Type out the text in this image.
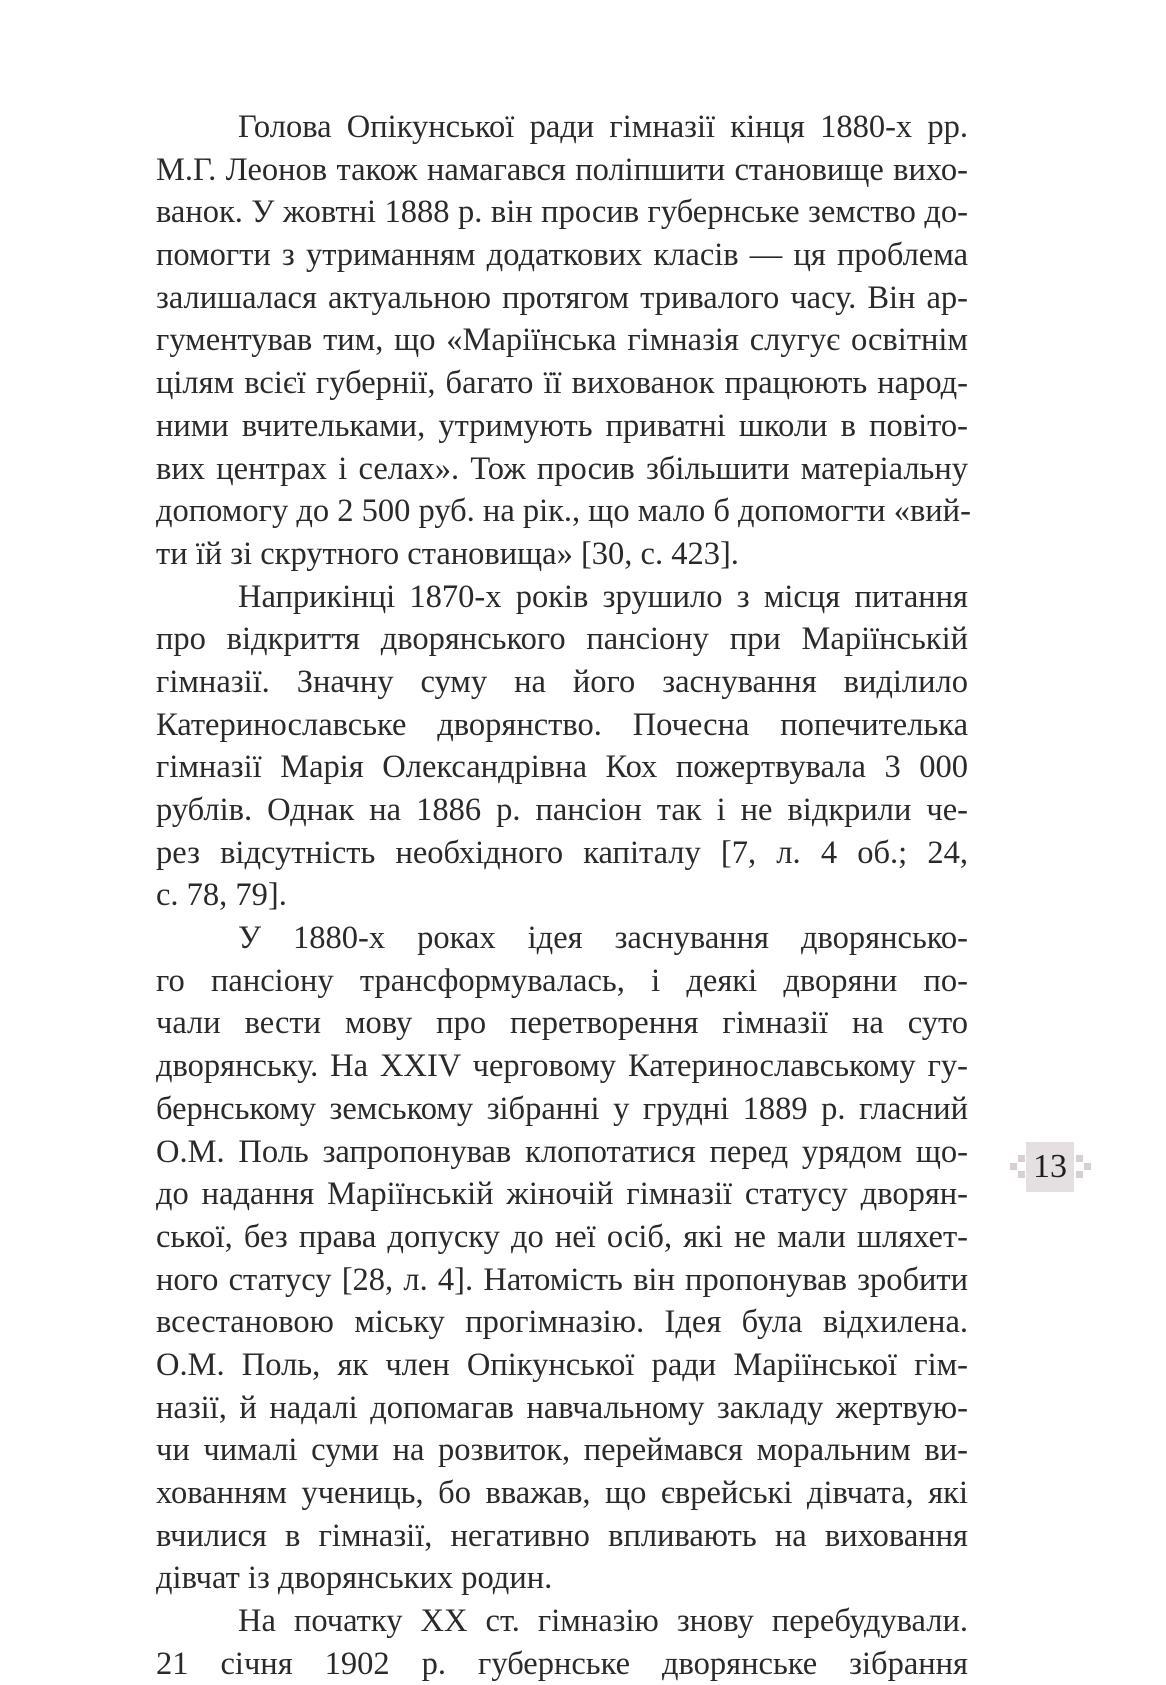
Голова Опікунської ради гімназії кінця 1880-х рр.
М.Г. Леонов також намагався поліпшити становище вихо-
ванок. У жовтні 1888 р. він просив губернське земство до-
помогти з утриманням додаткових класів — ця проблема
залишалася актуальною протягом тривалого часу. Він ар-
гументував тим, що «Маріїнська гімназія слугує освітнім
цілям всієї губернії, багато її вихованок працюють народ-
ними вчительками, утримують приватні школи в повіто-
вих центрах і селах». Тож просив збільшити матеріальну
допомогу до 2 500 руб. на рік., що мало б допомогти «вий-
ти їй зі скрутного становища» [30, с. 423].
Наприкінці 1870-х років зрушило з місця питання
про відкриття дворянського пансіону при Маріїнській
гімназії. Значну суму на його заснування виділило
Катеринославське дворянство. Почесна попечителька
гімназії Марія Олександрівна Кох пожертвувала 3 000
рублів. Однак на 1886 р. пансіон так і не відкрили че-
рез відсутність необхідного капіталу [7, л. 4 об.; 24,
с. 78, 79].
У 1880-х роках ідея заснування дворянсько-
го пансіону трансформувалась, і деякі дворяни по-
чали вести мову про перетворення гімназії на суто
дворянську. На XXIV черговому Катеринославському гу-
бернському земському зібранні у грудні 1889 р. гласний
О.М. Поль запропонував клопотатися перед урядом що-
до надання Маріїнській жіночій гімназії статусу дворян-
ської, без права допуску до неї осіб, які не мали шляхет-
ного статусу [28, л. 4]. Натомість він пропонував зробити
всестановою міську прогімназію. Ідея була відхилена.
О.М. Поль, як член Опікунської ради Маріїнської гім-
назії, й надалі допомагав навчальному закладу жертвую-
чи чималі суми на розвиток, переймався моральним ви-
хованням учениць, бо вважав, що єврейські дівчата, які
вчилися в гімназії, негативно впливають на виховання
дівчат із дворянських родин.
На початку XX ст. гімназію знову перебудували.
21 січня 1902 р. губернське дворянське зібрання
13
